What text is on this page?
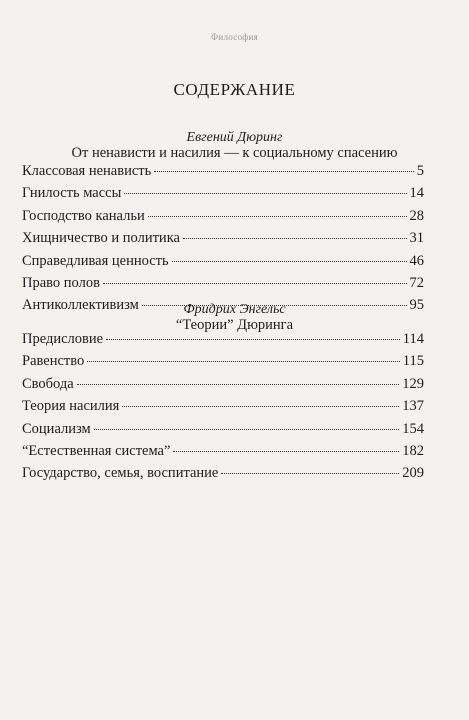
Философия
СОДЕРЖАНИЕ
Евгений Дюринг
От ненависти и насилия — к социальному спасению
Классовая ненависть	5
Гнилость массы	14
Господство канальи	28
Хищничество и политика	31
Справедливая ценность	46
Право полов	72
Антиколлективизм	95
Фридрих Энгельс
“Теории” Дюринга
Предисловие	114
Равенство	115
Свобода	129
Теория насилия	137
Социализм	154
“Естественная система”	182
Государство, семья, воспитание	209
